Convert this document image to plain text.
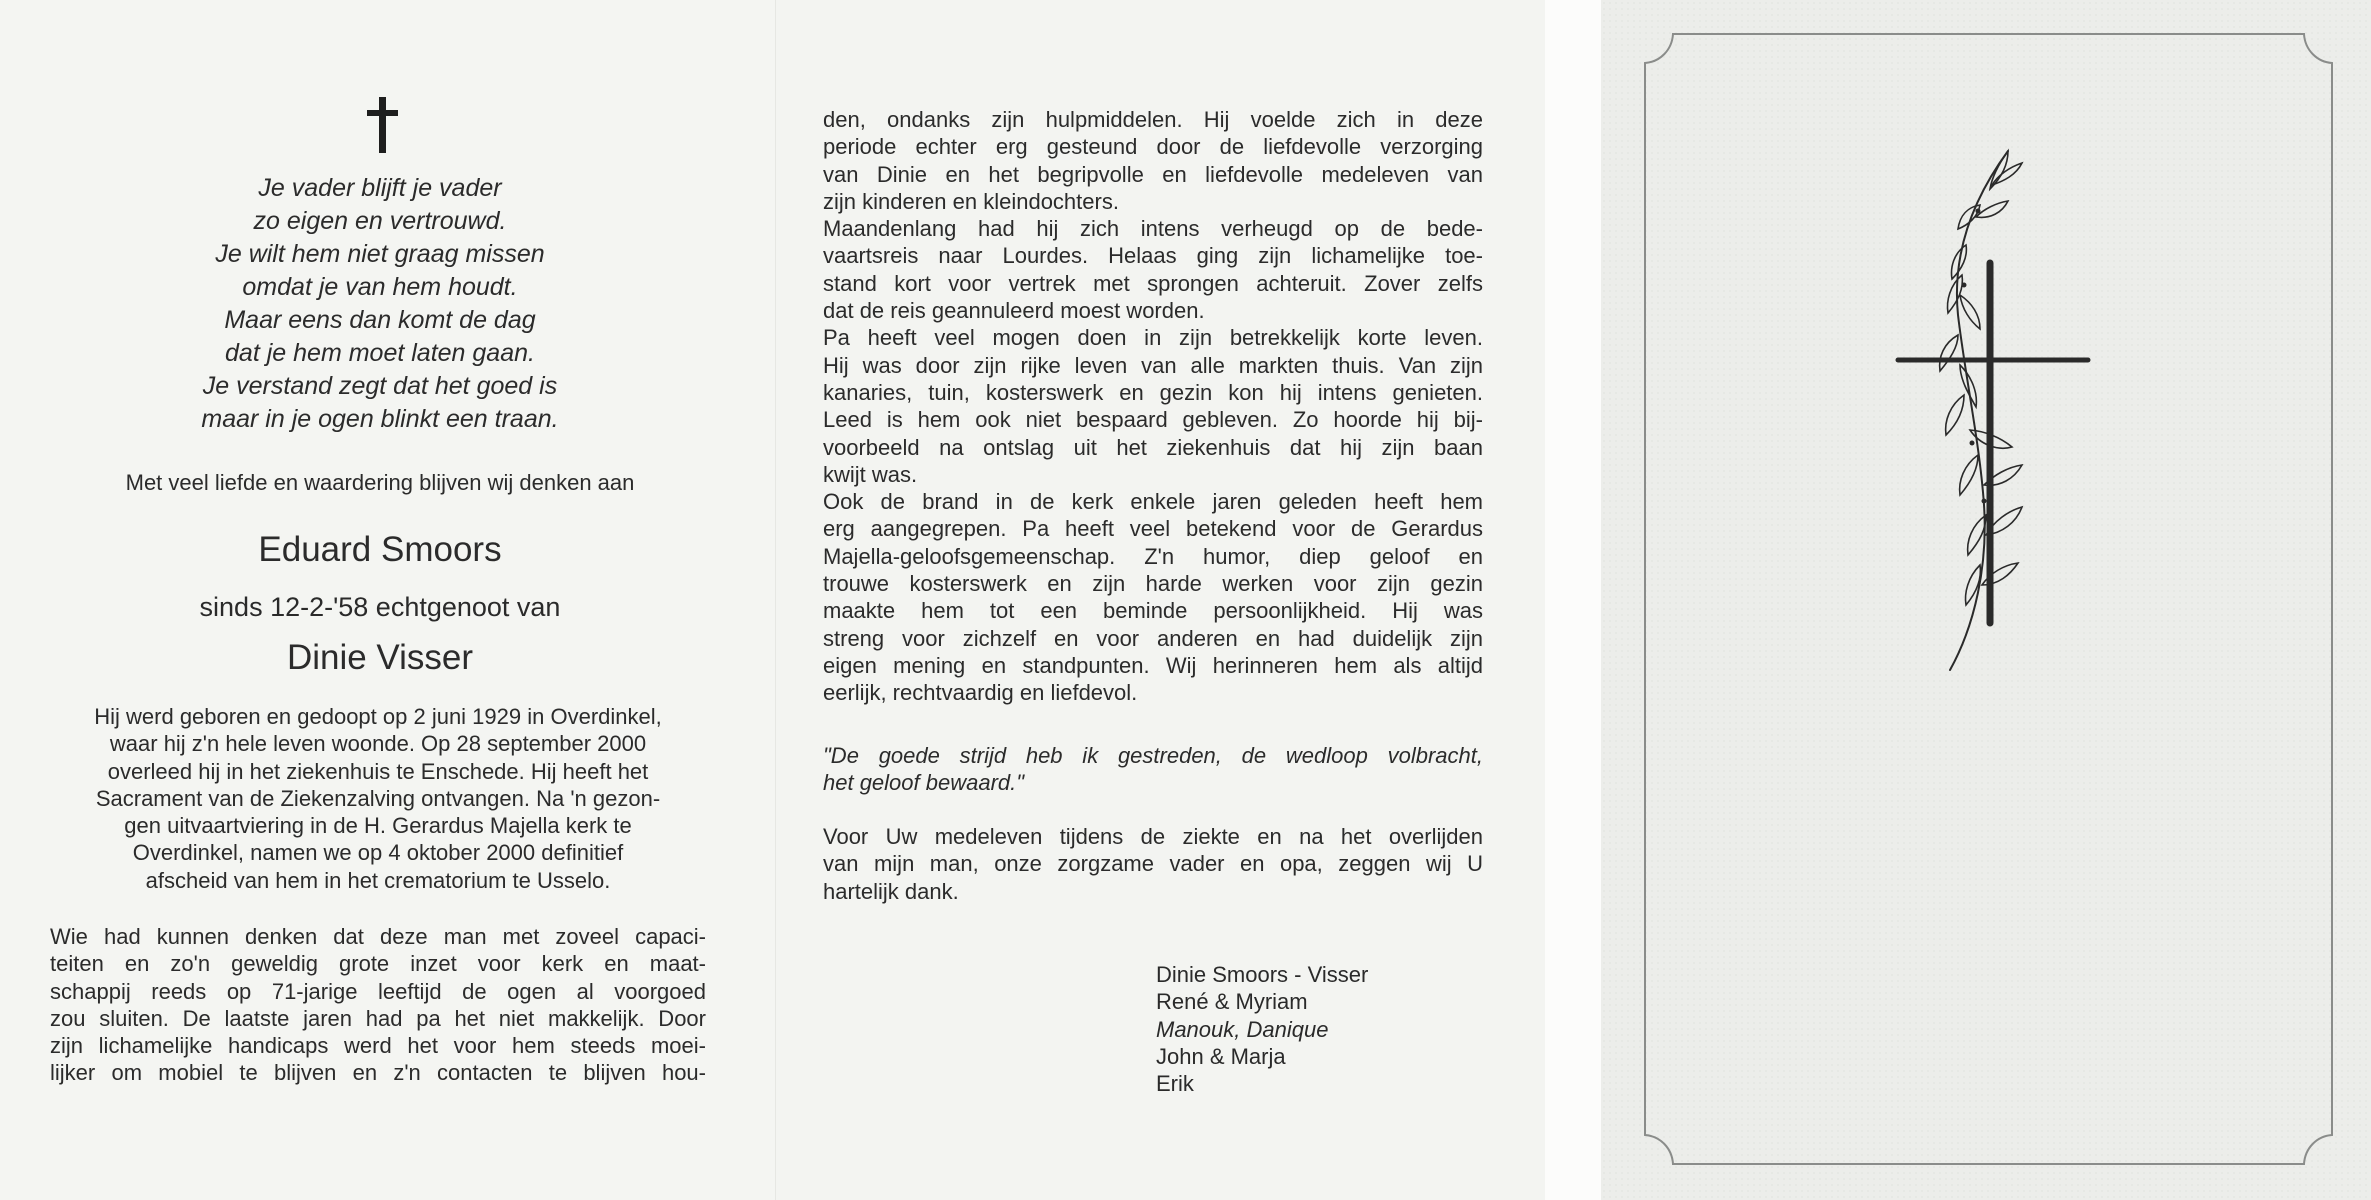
Je vader blijft je vader
zo eigen en vertrouwd.
Je wilt hem niet graag missen
omdat je van hem houdt.
Maar eens dan komt de dag
dat je hem moet laten gaan.
Je verstand zegt dat het goed is
maar in je ogen blinkt een traan.
Met veel liefde en waardering blijven wij denken aan
Eduard Smoors
sinds 12-2-'58 echtgenoot van
Dinie Visser
Hij werd geboren en gedoopt op 2 juni 1929 in Overdinkel,
waar hij z'n hele leven woonde. Op 28 september 2000
overleed hij in het ziekenhuis te Enschede. Hij heeft het
Sacrament van de Ziekenzalving ontvangen. Na 'n gezon-
gen uitvaartviering in de H. Gerardus Majella kerk te
Overdinkel, namen we op 4 oktober 2000 definitief
afscheid van hem in het crematorium te Usselo.
Wie had kunnen denken dat deze man met zoveel capaci-
teiten en zo'n geweldig grote inzet voor kerk en maat-
schappij reeds op 71-jarige leeftijd de ogen al voorgoed
zou sluiten. De laatste jaren had pa het niet makkelijk. Door
zijn lichamelijke handicaps werd het voor hem steeds moei-
lijker om mobiel te blijven en z'n contacten te blijven hou-
den, ondanks zijn hulpmiddelen. Hij voelde zich in deze
periode echter erg gesteund door de liefdevolle verzorging
van Dinie en het begripvolle en liefdevolle medeleven van
zijn kinderen en kleindochters.
Maandenlang had hij zich intens verheugd op de bede-
vaartsreis naar Lourdes. Helaas ging zijn lichamelijke toe-
stand kort voor vertrek met sprongen achteruit. Zover zelfs
dat de reis geannuleerd moest worden.
Pa heeft veel mogen doen in zijn betrekkelijk korte leven.
Hij was door zijn rijke leven van alle markten thuis. Van zijn
kanaries, tuin, kosterswerk en gezin kon hij intens genieten.
Leed is hem ook niet bespaard gebleven. Zo hoorde hij bij-
voorbeeld na ontslag uit het ziekenhuis dat hij zijn baan
kwijt was.
Ook de brand in de kerk enkele jaren geleden heeft hem
erg aangegrepen. Pa heeft veel betekend voor de Gerardus
Majella-geloofsgemeenschap. Z'n humor, diep geloof en
trouwe kosterswerk en zijn harde werken voor zijn gezin
maakte hem tot een beminde persoonlijkheid. Hij was
streng voor zichzelf en voor anderen en had duidelijk zijn
eigen mening en standpunten. Wij herinneren hem als altijd
eerlijk, rechtvaardig en liefdevol.
"De goede strijd heb ik gestreden, de wedloop volbracht,
het geloof bewaard."
Voor Uw medeleven tijdens de ziekte en na het overlijden
van mijn man, onze zorgzame vader en opa, zeggen wij U
hartelijk dank.
Dinie Smoors - Visser
René & Myriam
Manouk, Danique
John & Marja
Erik
